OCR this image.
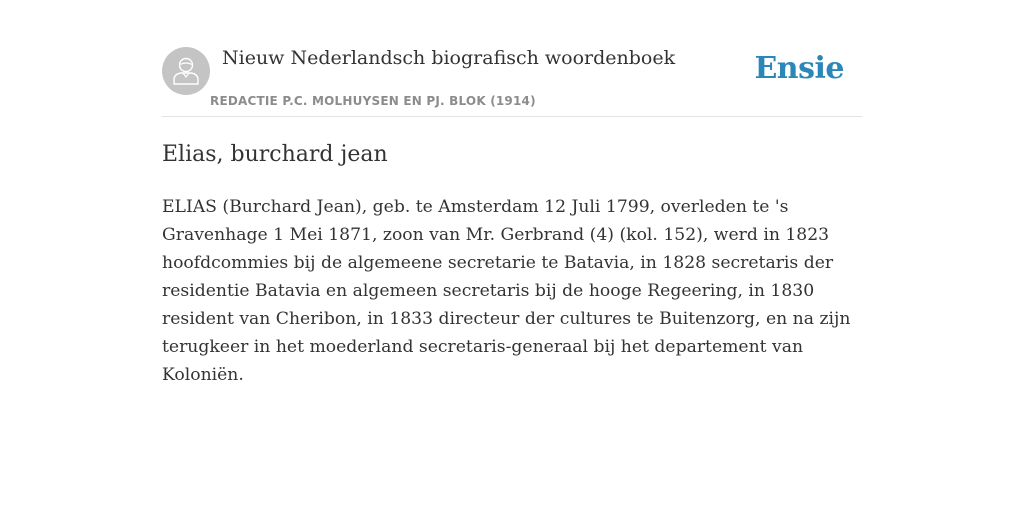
Nieuw Nederlandsch biografisch woordenboek
REDACTIE P.C. MOLHUYSEN EN PJ. BLOK (1914)
Ensie
Elias, burchard jean

ELIAS (Burchard Jean), geb. te Amsterdam 12 Juli 1799, overleden te 's Gravenhage 1 Mei 1871, zoon van Mr. Gerbrand (4) (kol. 152), werd in 1823 hoofdcommies bij de algemeene secretarie te Batavia, in 1828 secretaris der residentie Batavia en algemeen secretaris bij de hooge Regeering, in 1830 resident van Cheribon, in 1833 directeur der cultures te Buitenzorg, en na zijn terugkeer in het moederland secretaris-generaal bij het departement van Koloniën.
